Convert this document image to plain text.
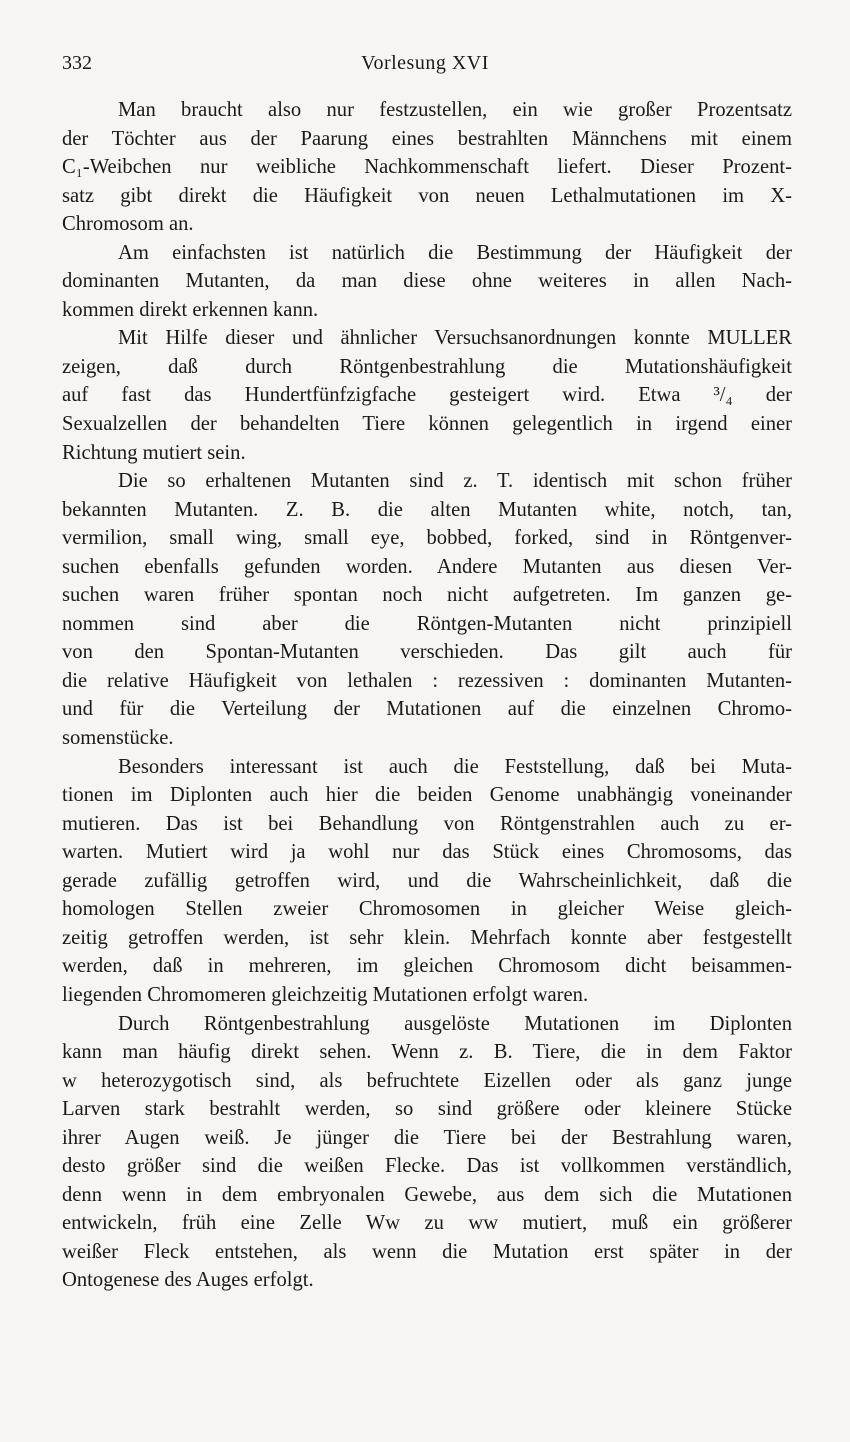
332	Vorlesung XVI

Man braucht also nur festzustellen, ein wie großer Prozentsatz
der Töchter aus der Paarung eines bestrahlten Männchens mit einem
C₁-Weibchen nur weibliche Nachkommenschaft liefert. Dieser Prozent-
satz gibt direkt die Häufigkeit von neuen Lethalmutationen im X-
Chromosom an.

Am einfachsten ist natürlich die Bestimmung der Häufigkeit der
dominanten Mutanten, da man diese ohne weiteres in allen Nach-
kommen direkt erkennen kann.

Mit Hilfe dieser und ähnlicher Versuchsanordnungen konnte MULLER
zeigen, daß durch Röntgenbestrahlung die Mutationshäufigkeit
auf fast das Hundertfünfzigfache gesteigert wird. Etwa ³/₄ der
Sexualzellen der behandelten Tiere können gelegentlich in irgend einer
Richtung mutiert sein.

Die so erhaltenen Mutanten sind z. T. identisch mit schon früher
bekannten Mutanten. Z. B. die alten Mutanten white, notch, tan,
vermilion, small wing, small eye, bobbed, forked, sind in Röntgenver-
suchen ebenfalls gefunden worden. Andere Mutanten aus diesen Ver-
suchen waren früher spontan noch nicht aufgetreten. Im ganzen ge-
nommen sind aber die Röntgen-Mutanten nicht prinzipiell
von den Spontan-Mutanten verschieden. Das gilt auch für
die relative Häufigkeit von lethalen : rezessiven : dominanten Mutanten-
und für die Verteilung der Mutationen auf die einzelnen Chromo-
somenstücke.

Besonders interessant ist auch die Feststellung, daß bei Muta-
tionen im Diplonten auch hier die beiden Genome unabhängig voneinander
mutieren. Das ist bei Behandlung von Röntgenstrahlen auch zu er-
warten. Mutiert wird ja wohl nur das Stück eines Chromosoms, das
gerade zufällig getroffen wird, und die Wahrscheinlichkeit, daß die
homologen Stellen zweier Chromosomen in gleicher Weise gleich-
zeitig getroffen werden, ist sehr klein. Mehrfach konnte aber festgestellt
werden, daß in mehreren, im gleichen Chromosom dicht beisammen-
liegenden Chromomeren gleichzeitig Mutationen erfolgt waren.

Durch Röntgenbestrahlung ausgelöste Mutationen im Diplonten
kann man häufig direkt sehen. Wenn z. B. Tiere, die in dem Faktor
w heterozygotisch sind, als befruchtete Eizellen oder als ganz junge
Larven stark bestrahlt werden, so sind größere oder kleinere Stücke
ihrer Augen weiß. Je jünger die Tiere bei der Bestrahlung waren,
desto größer sind die weißen Flecke. Das ist vollkommen verständlich,
denn wenn in dem embryonalen Gewebe, aus dem sich die Mutationen
entwickeln, früh eine Zelle Ww zu ww mutiert, muß ein größerer
weißer Fleck entstehen, als wenn die Mutation erst später in der
Ontogenese des Auges erfolgt.
